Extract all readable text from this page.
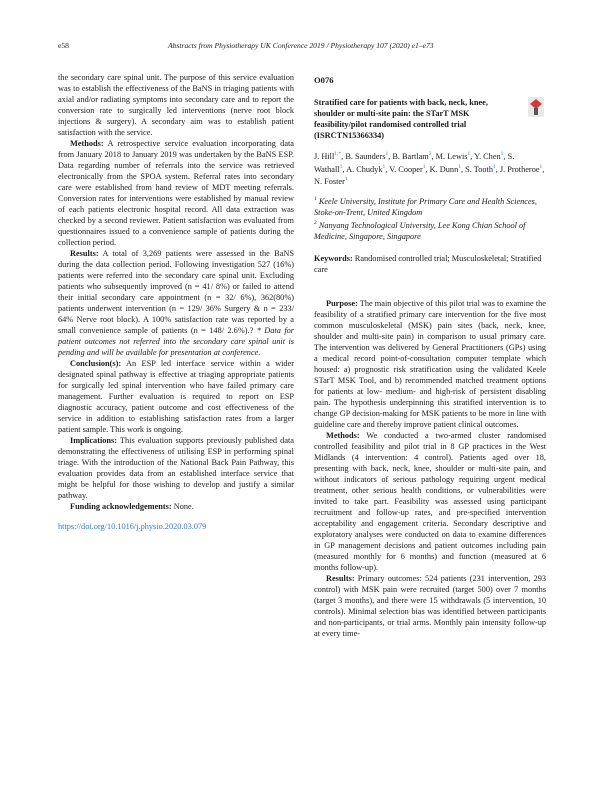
e58	Abstracts from Physiotherapy UK Conference 2019 / Physiotherapy 107 (2020) e1–e73

the secondary care spinal unit. The purpose of this service evaluation was to establish the effectiveness of the BaNS in triaging patients with axial and/or radiating symptoms into secondary care and to report the conversion rate to surgically led interventions (nerve root block injections & surgery). A secondary aim was to establish patient satisfaction with the service.

Methods: A retrospective service evaluation incorporating data from January 2018 to January 2019 was undertaken by the BaNS ESP. Data regarding number of referrals into the service was retrieved electronically from the SPOA system. Referral rates into secondary care were established from hand review of MDT meeting referrals. Conversion rates for interventions were established by manual review of each patients electronic hospital record. All data extraction was checked by a second reviewer. Patient satisfaction was evaluated from questionnaires issued to a convenience sample of patients during the collection period.

Results: A total of 3,269 patients were assessed in the BaNS during the data collection period. Following investigation 527 (16%) patients were referred into the secondary care spinal unit. Excluding patients who subsequently improved (n = 41/ 8%) or failed to attend their initial secondary care appointment (n = 32/ 6%), 362(80%) patients underwent intervention (n = 129/ 36% Surgery & n = 233/ 64% Nerve root block). A 100% satisfaction rate was reported by a small convenience sample of patients (n = 148/ 2.6%).? * Data for patient outcomes not referred into the secondary care spinal unit is pending and will be available for presentation at conference.

Conclusion(s): An ESP led interface service within a wider designated spinal pathway is effective at triaging appropriate patients for surgically led spinal intervention who have failed primary care management. Further evaluation is required to report on ESP diagnostic accuracy, patient outcome and cost effectiveness of the service in addition to establishing satisfaction rates from a larger patient sample. This work is ongoing.

Implications: This evaluation supports previously published data demonstrating the effectiveness of utilising ESP in performing spinal triage. With the introduction of the National Back Pain Pathway, this evaluation provides data from an established interface service that might be helpful for those wishing to develop and justify a similar pathway.

Funding acknowledgements: None.

https://doi.org/10.1016/j.physio.2020.03.079

O076

Stratified care for patients with back, neck, knee, shoulder or multi-site pain: the STarT MSK feasibility/pilot randomised controlled trial (ISRCTN15366334)

J. Hill$^{1,*}$, B. Saunders$^1$, B. Bartlam$^2$, M. Lewis$^1$, Y. Chen$^1$, S. Wathall$^1$, A. Chudyk$^1$, V. Cooper$^1$, K. Dunn$^1$, S. Tooth$^1$, J. Protheroe$^1$, N. Foster$^1$

$^1$ Keele University, Institute for Primary Care and Health Sciences, Stoke-on-Trent, United Kingdom

$^2$ Nanyang Technological University, Lee Kong Chian School of Medicine, Singapore, Singapore

Keywords: Randomised controlled trial; Musculoskeletal; Stratified care

Purpose: The main objective of this pilot trial was to examine the feasibility of a stratified primary care intervention for the five most common musculoskeletal (MSK) pain sites (back, neck, knee, shoulder and multi-site pain) in comparison to usual primary care. The intervention was delivered by General Practitioners (GPs) using a medical record point-of-consultation computer template which housed: a) prognostic risk stratification using the validated Keele STarT MSK Tool, and b) recommended matched treatment options for patients at low- medium- and high-risk of persistent disabling pain. The hypothesis underpinning this stratified intervention is to change GP decision-making for MSK patients to be more in line with guideline care and thereby improve patient clinical outcomes.

Methods: We conducted a two-armed cluster randomised controlled feasibility and pilot trial in 8 GP practices in the West Midlands (4 intervention: 4 control). Patients aged over 18, presenting with back, neck, knee, shoulder or multi-site pain, and without indicators of serious pathology requiring urgent medical treatment, other serious health conditions, or vulnerabilities were invited to take part. Feasibility was assessed using participant recruitment and follow-up rates, and pre-specified intervention acceptability and engagement criteria. Secondary descriptive and exploratory analyses were conducted on data to examine differences in GP management decisions and patient outcomes including pain (measured monthly for 6 months) and function (measured at 6 months follow-up).

Results: Primary outcomes: 524 patients (231 intervention, 293 control) with MSK pain were recruited (target 500) over 7 months (target 3 months), and there were 15 withdrawals (5 intervention, 10 controls). Minimal selection bias was identified between participants and non-participants, or trial arms. Monthly pain intensity follow-up at every time-
